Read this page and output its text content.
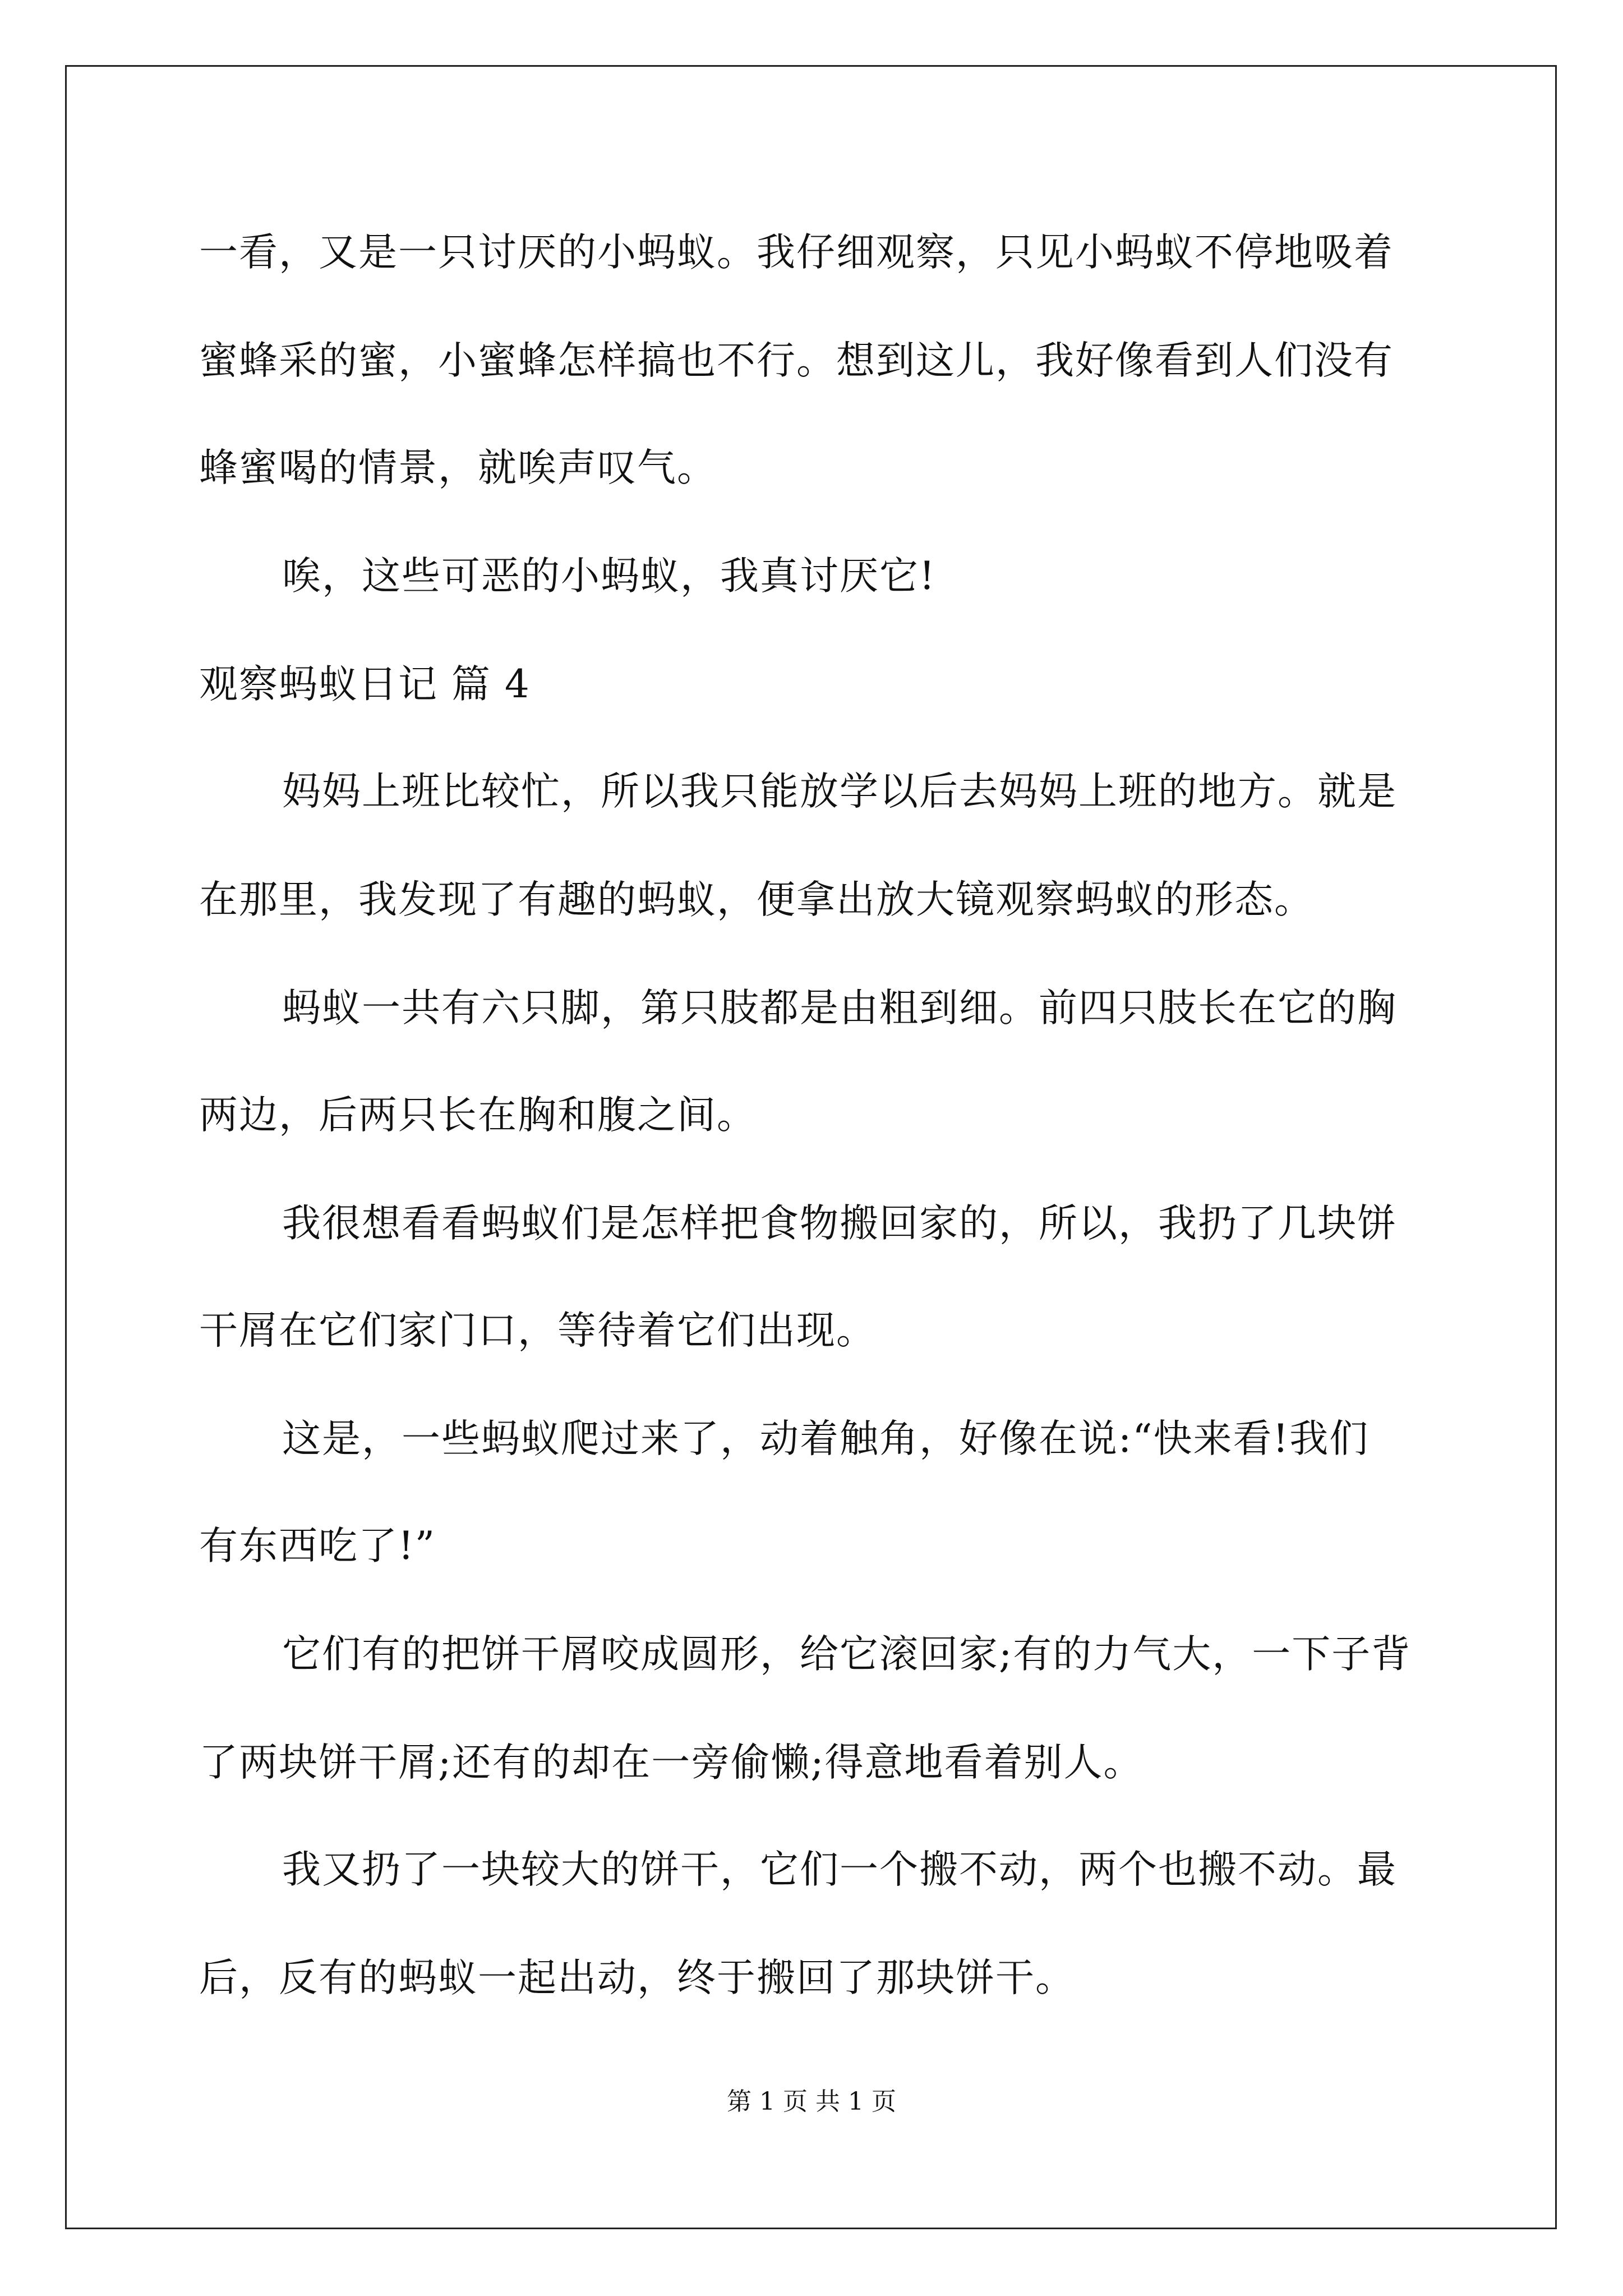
一看，又是一只讨厌的小蚂蚁。我仔细观察，只见小蚂蚁不停地吸着
蜜蜂采的蜜，小蜜蜂怎样搞也不行。想到这儿，我好像看到人们没有
蜂蜜喝的情景，就唉声叹气。
唉，这些可恶的小蚂蚁，我真讨厌它!
观察蚂蚁日记 篇 4
妈妈上班比较忙，所以我只能放学以后去妈妈上班的地方。就是
在那里，我发现了有趣的蚂蚁，便拿出放大镜观察蚂蚁的形态。
蚂蚁一共有六只脚，第只肢都是由粗到细。前四只肢长在它的胸
两边，后两只长在胸和腹之间。
我很想看看蚂蚁们是怎样把食物搬回家的，所以，我扔了几块饼
干屑在它们家门口，等待着它们出现。
这是，一些蚂蚁爬过来了，动着触角，好像在说:“快来看!我们
有东西吃了!”
它们有的把饼干屑咬成圆形，给它滚回家;有的力气大，一下子背
了两块饼干屑;还有的却在一旁偷懒;得意地看着别人。
我又扔了一块较大的饼干，它们一个搬不动，两个也搬不动。最
后，反有的蚂蚁一起出动，终于搬回了那块饼干。
第 1 页 共 1 页
